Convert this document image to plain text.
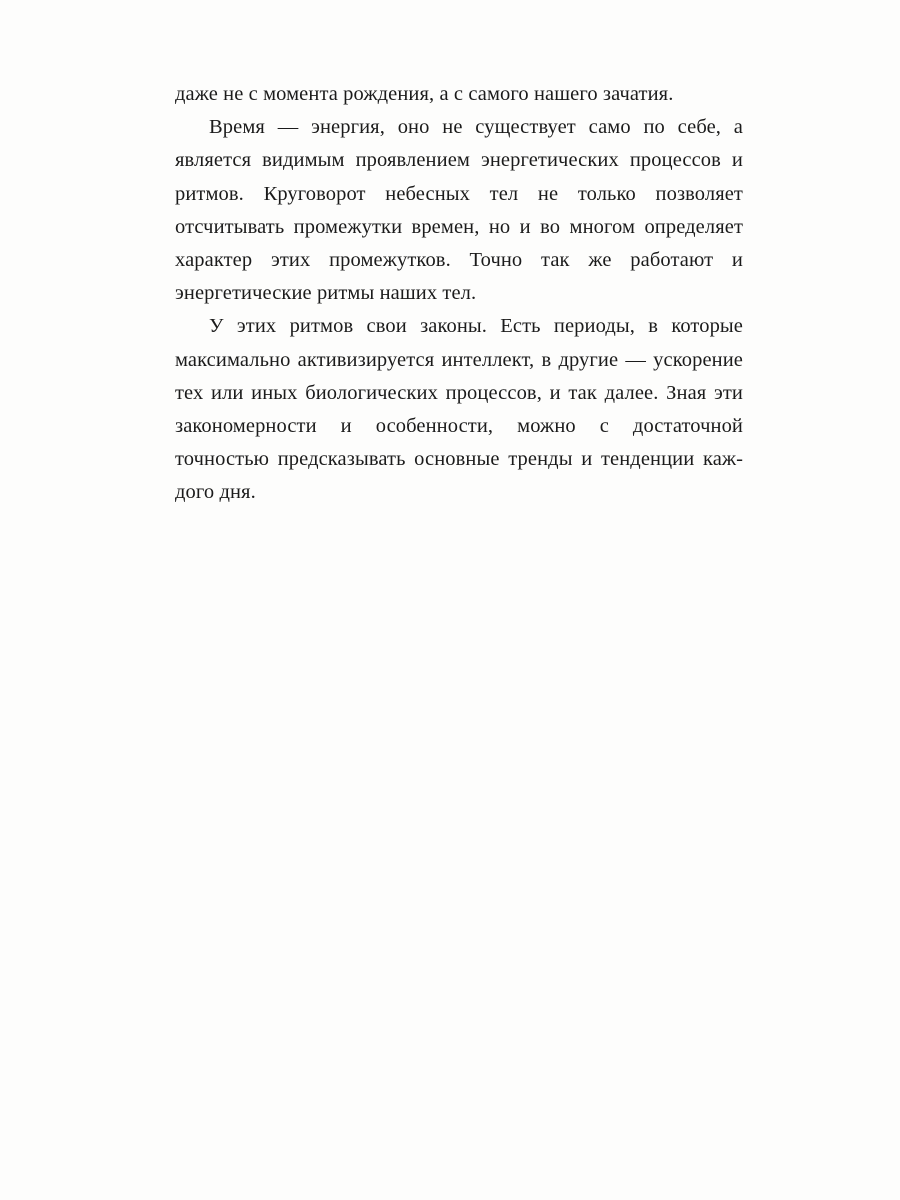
даже не с момента рождения, а с самого нашего зачатия.

Время — энергия, оно не существует само по себе, а является видимым проявлением энергетических процессов и ритмов. Круговорот небесных тел не только позволяет отсчитывать промежутки времен, но и во многом определяет характер этих промежутков. Точно так же работают и энергетические ритмы наших тел.

У этих ритмов свои законы. Есть периоды, в которые максимально активизируется интеллект, в другие — ускорение тех или иных биологических процессов, и так далее. Зная эти закономерности и особенности, можно с достаточной точностью предсказывать основные тренды и тенденции каждого дня.
